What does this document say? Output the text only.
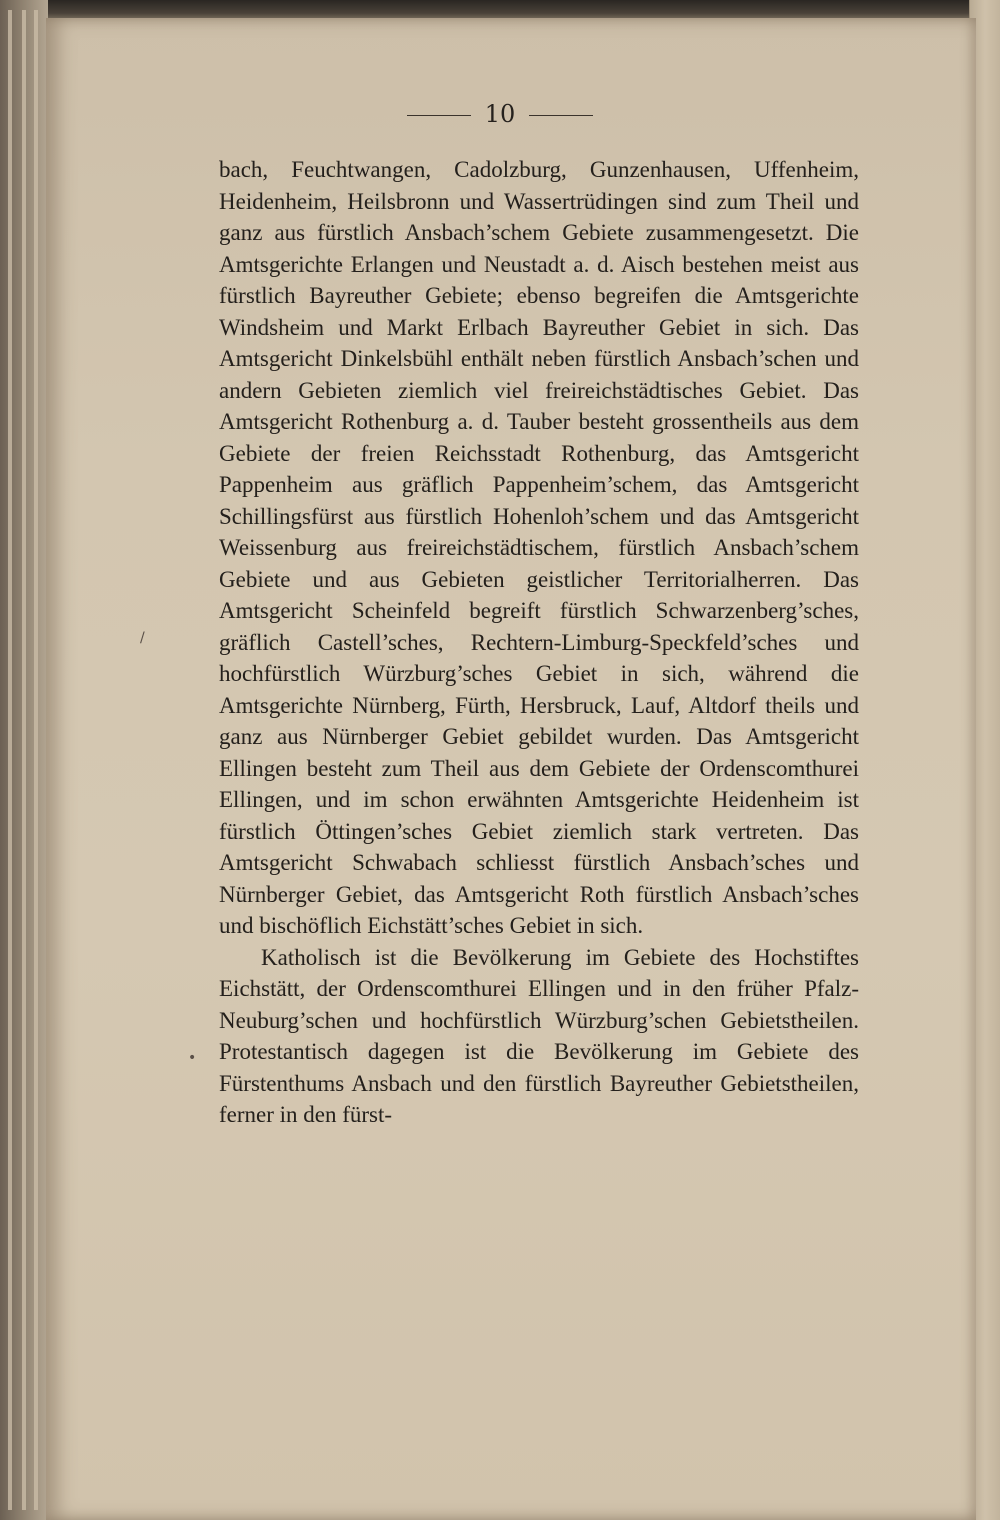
10

bach, Feuchtwangen, Cadolzburg, Gunzenhausen, Uffenheim, Heidenheim, Heilsbronn und Wassertrüdingen sind zum Theil und ganz aus fürstlich Ansbach’schem Gebiete zusammengesetzt. Die Amtsgerichte Erlangen und Neustadt a. d. Aisch bestehen meist aus fürstlich Bayreuther Gebiete; ebenso begreifen die Amtsgerichte Windsheim und Markt Erlbach Bayreuther Gebiet in sich. Das Amtsgericht Dinkelsbühl enthält neben fürstlich Ansbach’schen und andern Gebieten ziemlich viel freireichstädtisches Gebiet. Das Amtsgericht Rothenburg a. d. Tauber besteht grossentheils aus dem Gebiete der freien Reichsstadt Rothenburg, das Amtsgericht Pappenheim aus gräflich Pappenheim’schem, das Amtsgericht Schillingsfürst aus fürstlich Hohenloh’schem und das Amtsgericht Weissenburg aus freireichstädtischem, fürstlich Ansbach’schem Gebiete und aus Gebieten geistlicher Territorialherren. Das Amtsgericht Scheinfeld begreift fürstlich Schwarzenberg’sches, gräflich Castell’sches, Rechtern-Limburg-Speckfeld’sches und hochfürstlich Würzburg’sches Gebiet in sich, während die Amtsgerichte Nürnberg, Fürth, Hersbruck, Lauf, Altdorf theils und ganz aus Nürnberger Gebiet gebildet wurden. Das Amtsgericht Ellingen besteht zum Theil aus dem Gebiete der Ordenscomthurei Ellingen, und im schon erwähnten Amtsgerichte Heidenheim ist fürstlich Öttingen’sches Gebiet ziemlich stark vertreten. Das Amtsgericht Schwabach schliesst fürstlich Ansbach’sches und Nürnberger Gebiet, das Amtsgericht Roth fürstlich Ansbach’sches und bischöflich Eichstätt’sches Gebiet in sich.

Katholisch ist die Bevölkerung im Gebiete des Hochstiftes Eichstätt, der Ordenscomthurei Ellingen und in den früher Pfalz-Neuburg’schen und hochfürstlich Würzburg’schen Gebietstheilen. Protestantisch dagegen ist die Bevölkerung im Gebiete des Fürstenthums Ansbach und den fürstlich Bayreuther Gebietstheilen, ferner in den fürst-

/
•
